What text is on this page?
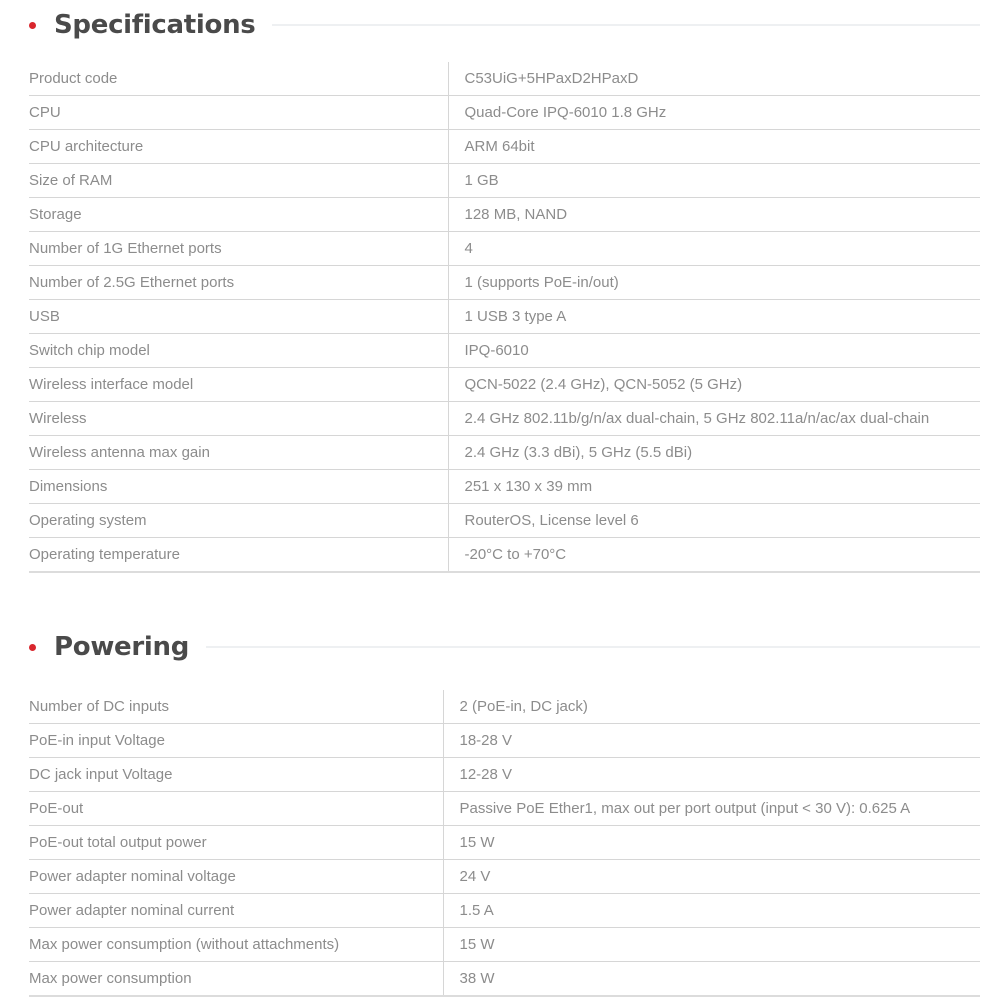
Specifications
Product code	C53UiG+5HPaxD2HPaxD
CPU	Quad-Core IPQ-6010 1.8 GHz
CPU architecture	ARM 64bit
Size of RAM	1 GB
Storage	128 MB, NAND
Number of 1G Ethernet ports	4
Number of 2.5G Ethernet ports	1 (supports PoE-in/out)
USB	1 USB 3 type A
Switch chip model	IPQ-6010
Wireless interface model	QCN-5022 (2.4 GHz), QCN-5052 (5 GHz)
Wireless	2.4 GHz 802.11b/g/n/ax dual-chain, 5 GHz 802.11a/n/ac/ax dual-chain
Wireless antenna max gain	2.4 GHz (3.3 dBi), 5 GHz (5.5 dBi)
Dimensions	251 x 130 x 39 mm
Operating system	RouterOS, License level 6
Operating temperature	-20°C to +70°C
Powering
Number of DC inputs	2 (PoE-in, DC jack)
PoE-in input Voltage	18-28 V
DC jack input Voltage	12-28 V
PoE-out	Passive PoE Ether1, max out per port output (input < 30 V): 0.625 A
PoE-out total output power	15 W
Power adapter nominal voltage	24 V
Power adapter nominal current	1.5 A
Max power consumption (without attachments)	15 W
Max power consumption	38 W
